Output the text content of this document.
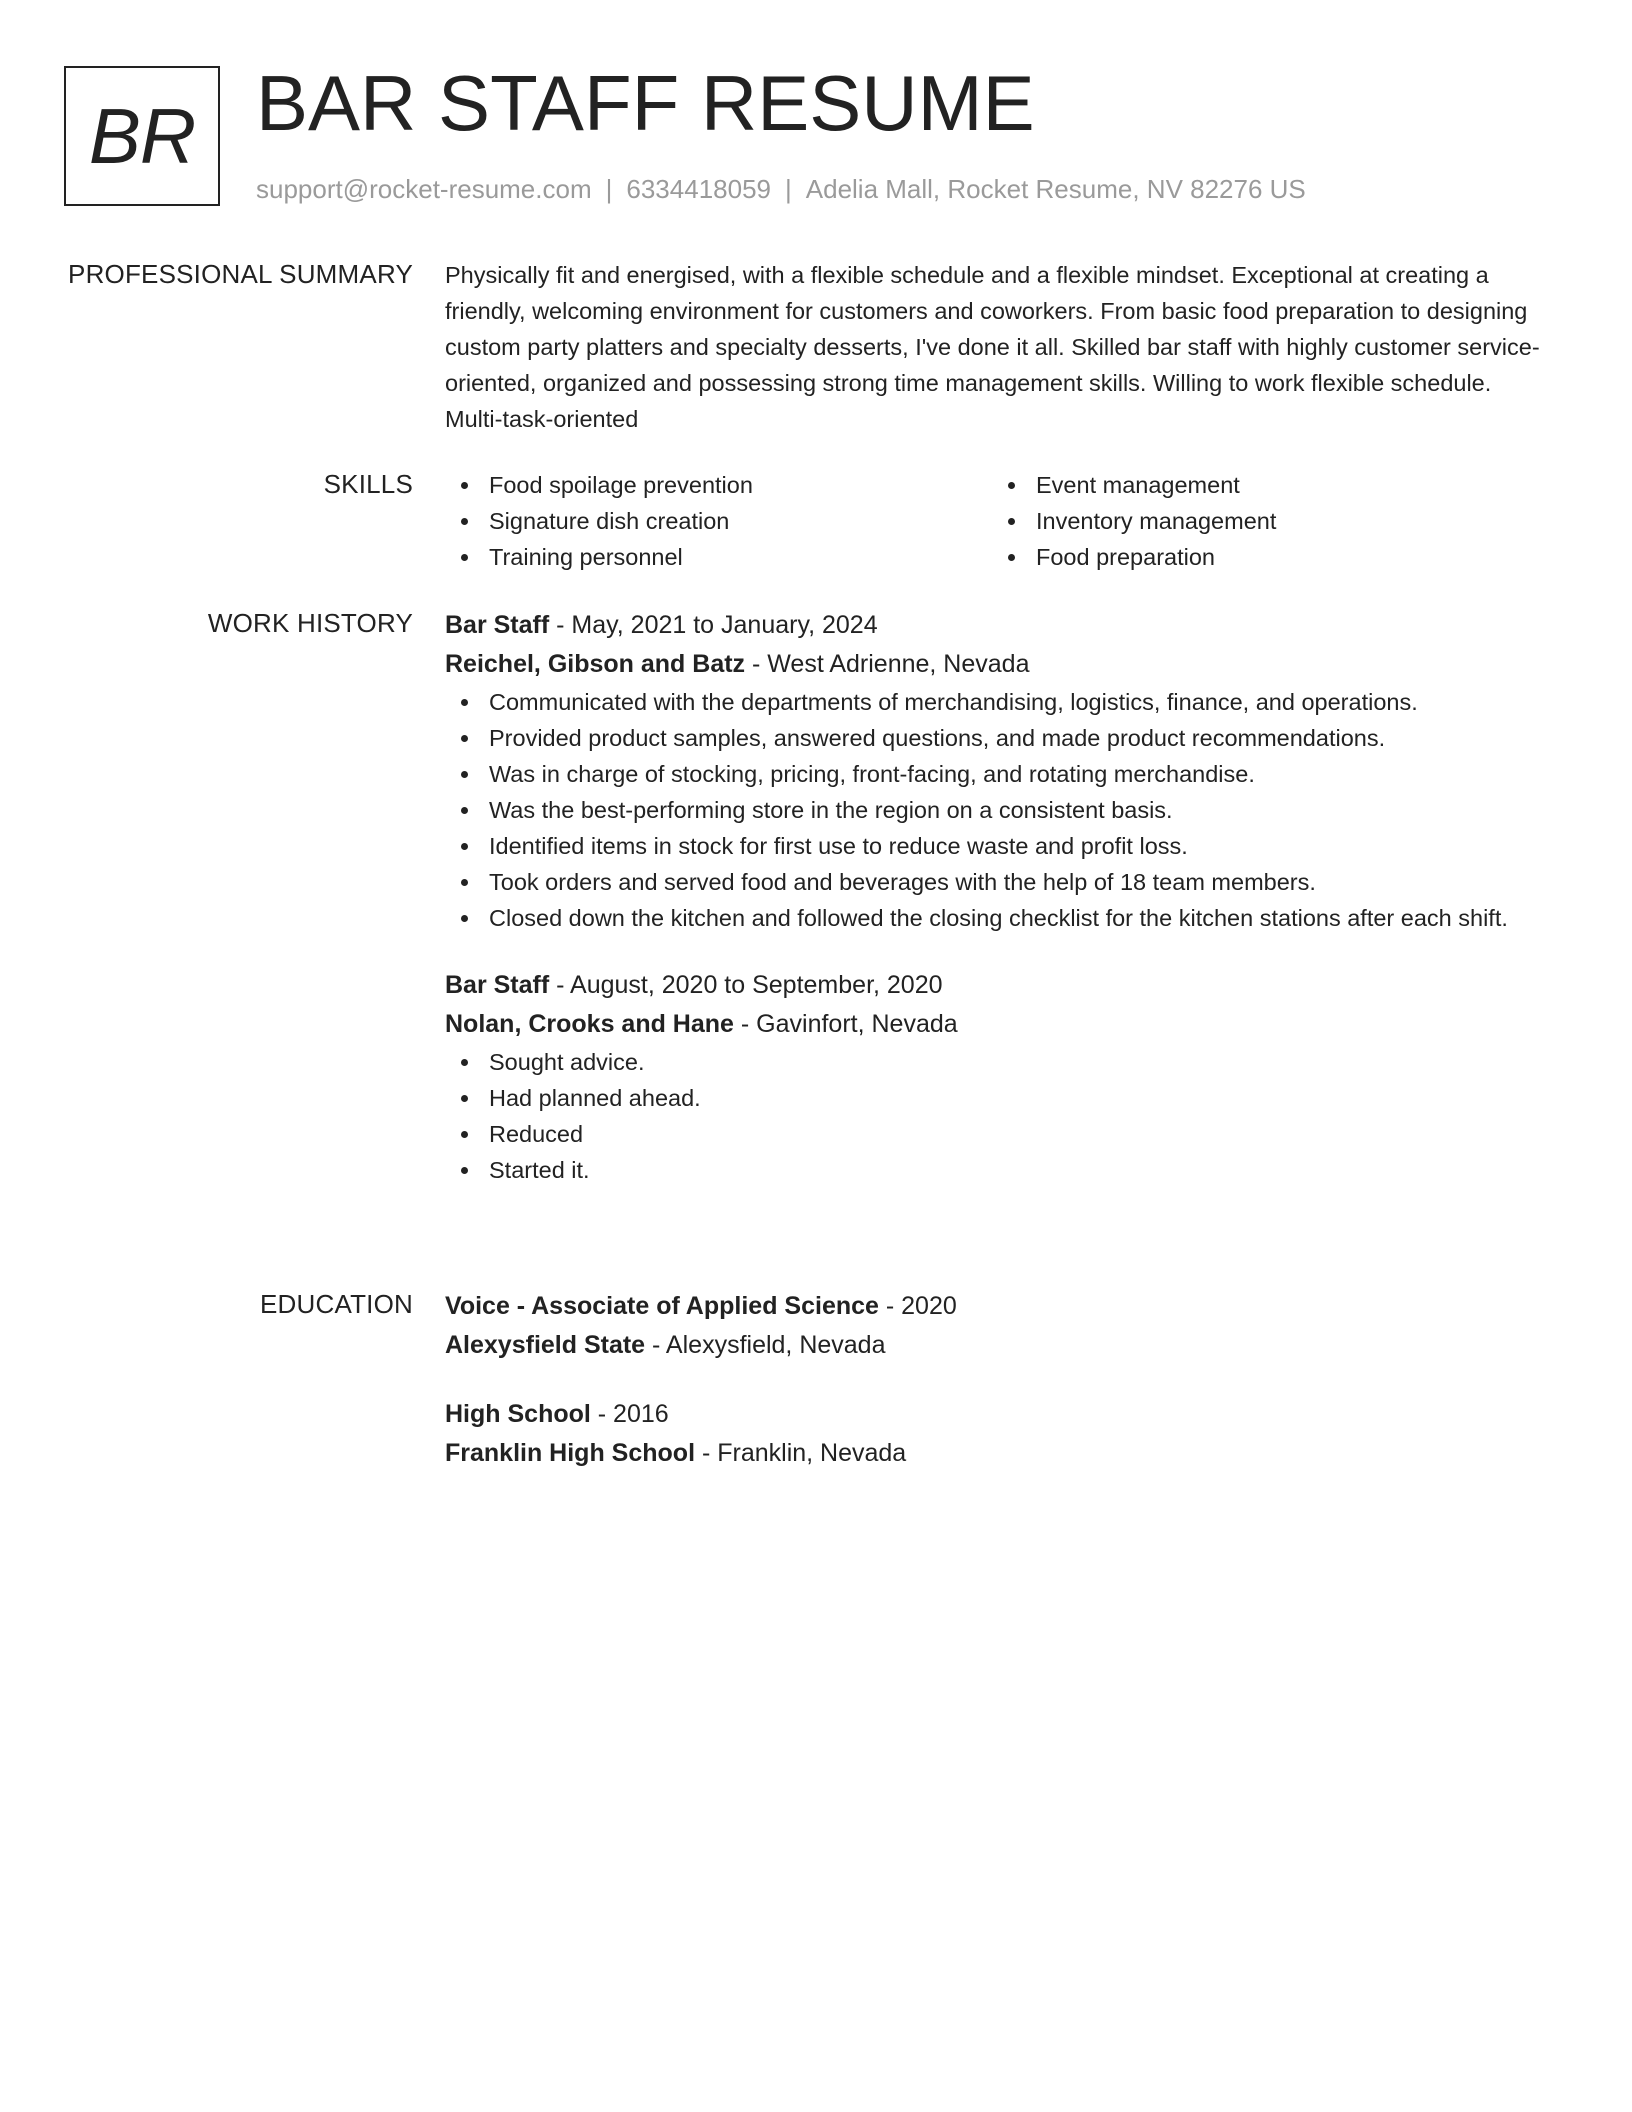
BR BAR STAFF RESUME
support@rocket-resume.com | 6334418059 | Adelia Mall, Rocket Resume, NV 82276 US
PROFESSIONAL SUMMARY Physically fit and energised, with a flexible schedule and a flexible mindset. Exceptional at creating a friendly, welcoming environment for customers and coworkers. From basic food preparation to designing custom party platters and specialty desserts, I've done it all. Skilled bar staff with highly customer service-oriented, organized and possessing strong time management skills. Willing to work flexible schedule. Multi-task-oriented

SKILLS	Food spoilage prevention
Signature dish creation
Training personnel
Event management
Inventory management
Food preparation
WORK HISTORY Bar Staff - May, 2021 to January, 2024
Reichel, Gibson and Batz - West Adrienne, Nevada
Communicated with the departments of merchandising, logistics, finance, and operations.
Provided product samples, answered questions, and made product recommendations.
Was in charge of stocking, pricing, front-facing, and rotating merchandise.
Was the best-performing store in the region on a consistent basis.
Identified items in stock for first use to reduce waste and profit loss.
Took orders and served food and beverages with the help of 18 team members.
Closed down the kitchen and followed the closing checklist for the kitchen stations after each shift.
Bar Staff - August, 2020 to September, 2020
Nolan, Crooks and Hane - Gavinfort, Nevada
Sought advice.
Had planned ahead.
Reduced
Started it.
EDUCATION Voice - Associate of Applied Science - 2020
Alexysfield State - Alexysfield, Nevada
High School - 2016
Franklin High School - Franklin, Nevada
